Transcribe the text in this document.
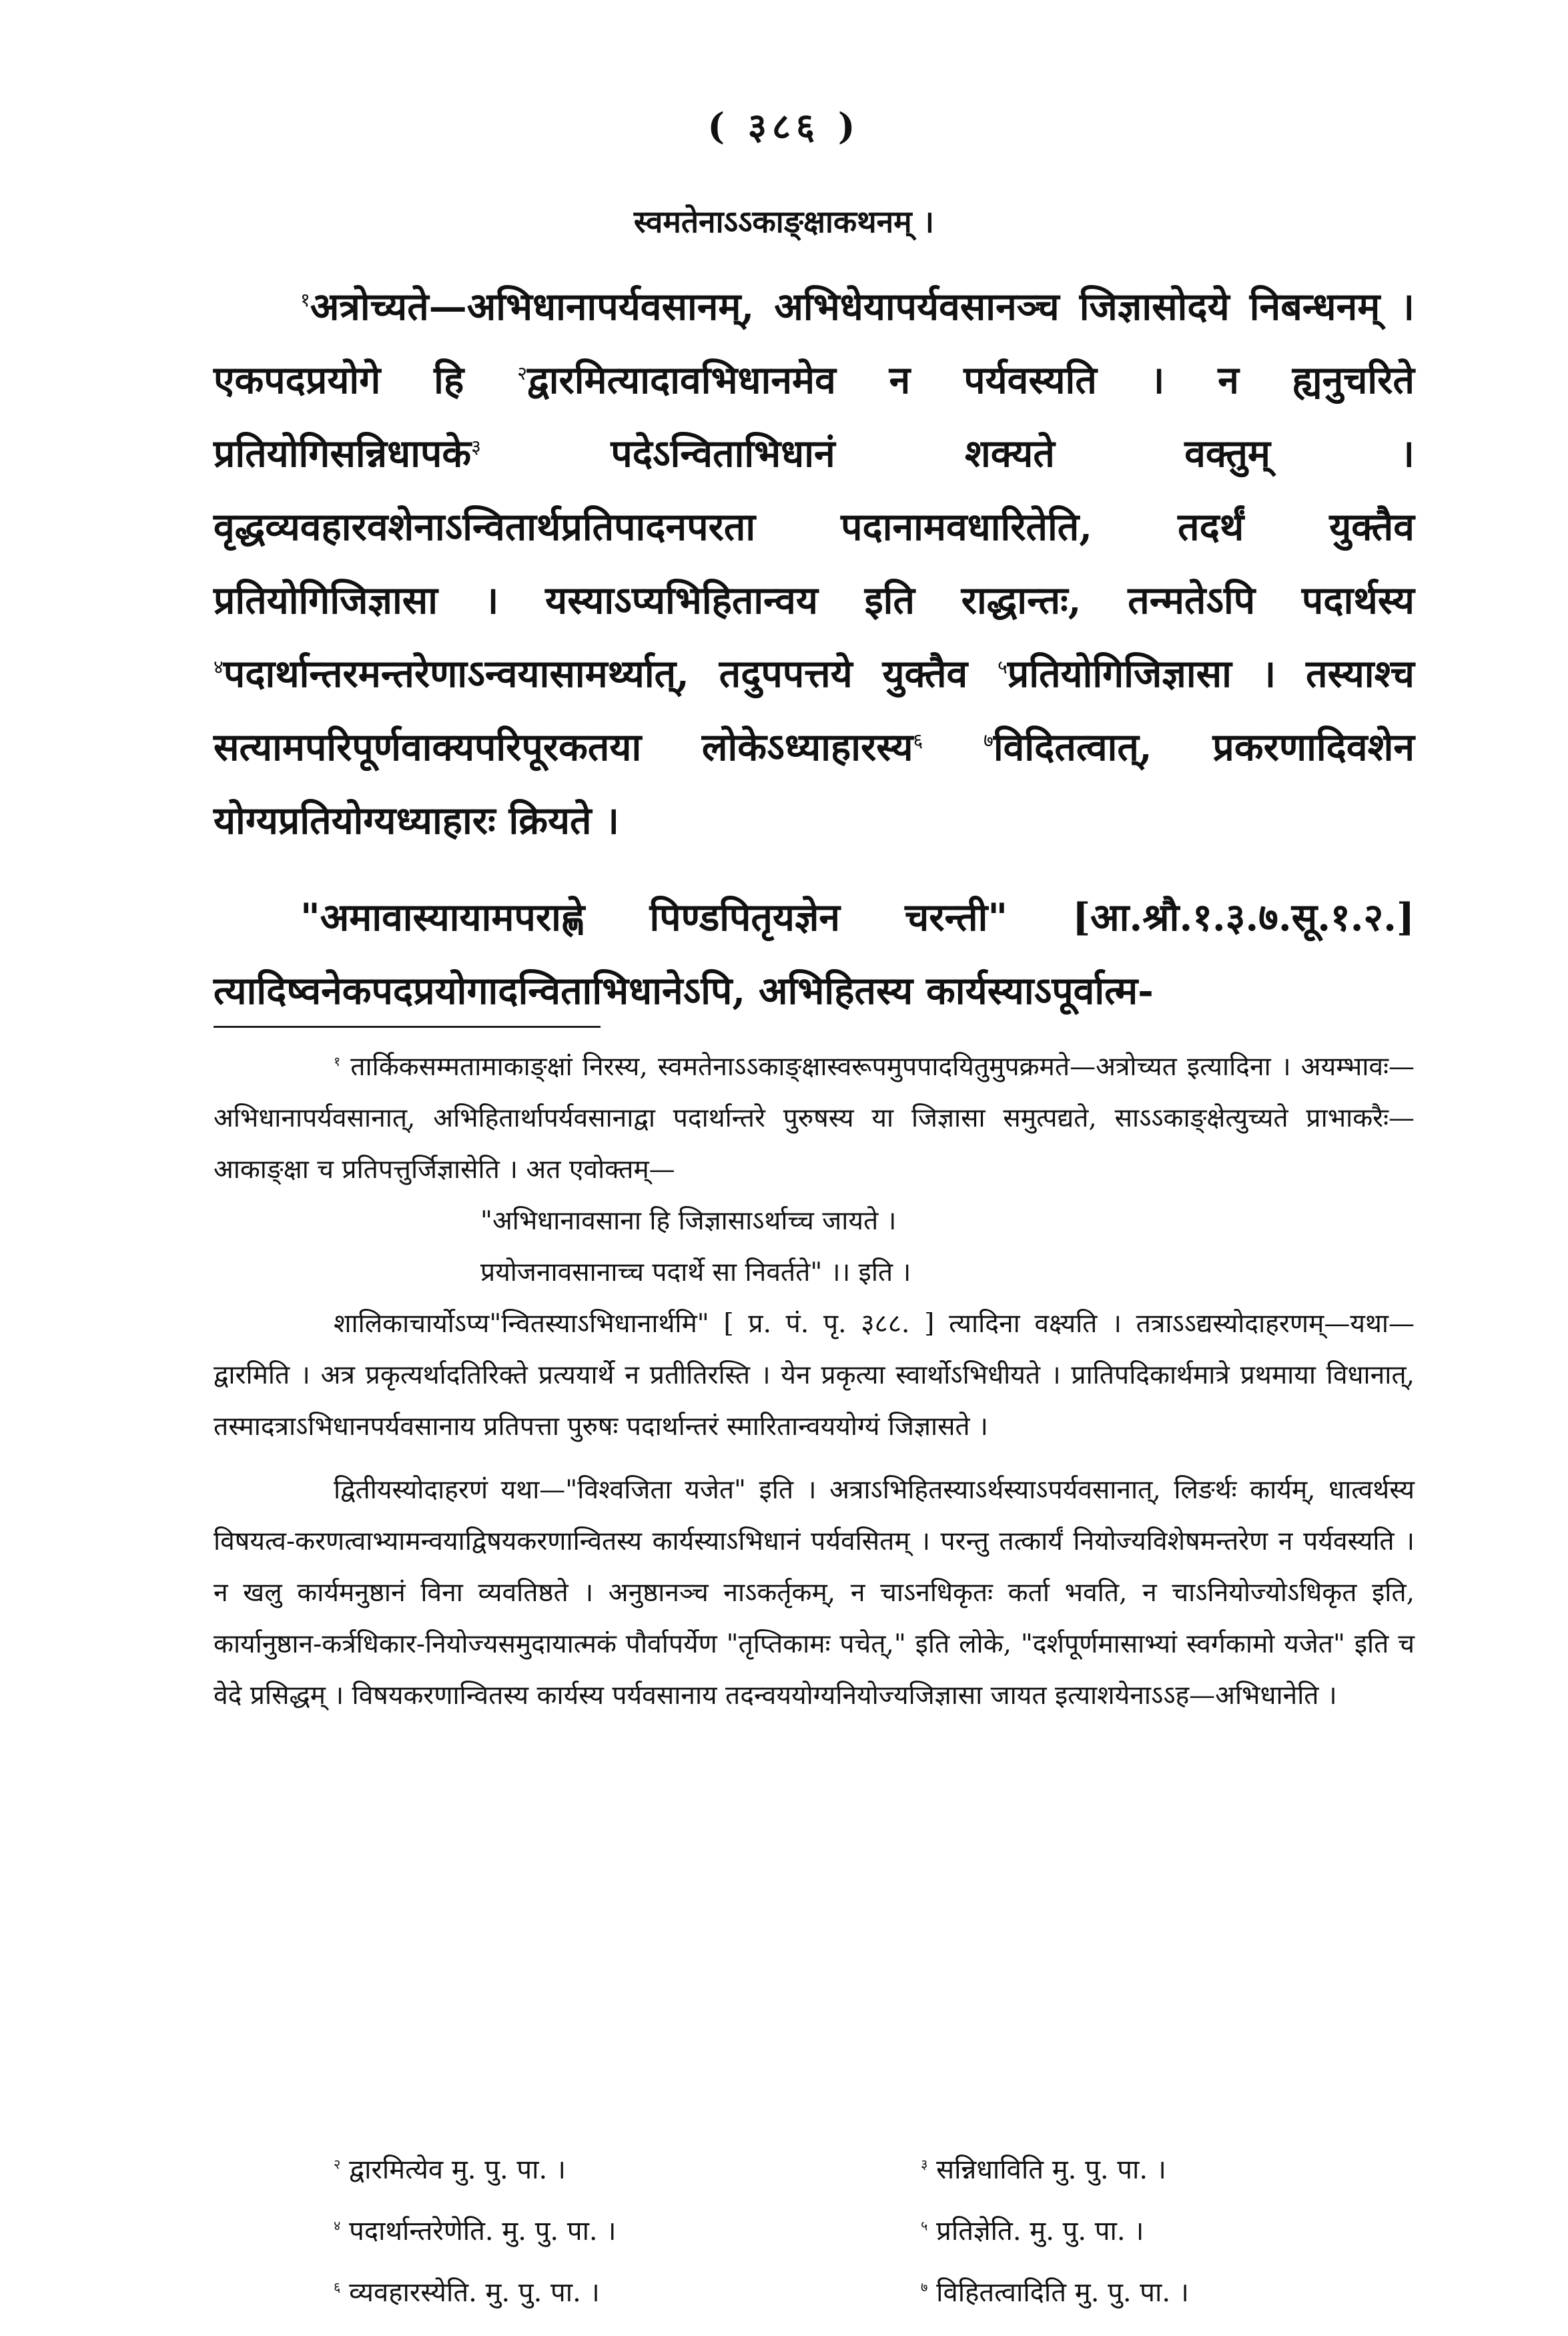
( ३८६ )
स्वमतेनाऽऽकाङ्क्षाकथनम् ।

$^१$अत्रोच्यते—अभिधानापर्यवसानम्, अभिधेयापर्यवसानञ्च जिज्ञासोदये निबन्धनम् । एकपदप्रयोगे हि $^२$द्वारमित्यादावभिधानमेव न पर्यवस्यति । न ह्यनुचरिते प्रतियोगिसन्निधापके$^३$ पदेऽन्विताभिधानं शक्यते वक्तुम् । वृद्धव्यवहारवशेनाऽन्वितार्थप्रतिपादनपरता पदानामवधारितेति, तदर्थं युक्तैव प्रतियोगिजिज्ञासा । यस्याऽप्यभिहितान्वय इति राद्धान्तः, तन्मतेऽपि पदार्थस्य $^४$पदार्थान्तरमन्तरेणाऽन्वयासामर्थ्यात्, तदुपपत्तये युक्तैव $^५$प्रतियोगिजिज्ञासा । तस्याश्च सत्यामपरिपूर्णवाक्यपरिपूरकतया लोकेऽध्याहारस्य$^६$	$^७$विदितत्वात्, प्रकरणादिवशेन योग्यप्रतियोग्यध्याहारः क्रियते ।

"अमावास्यायामपराह्णे पिण्डपितृयज्ञेन चरन्ती" [आ.श्रौ.१.३.७.सू.१.२.] त्यादिष्वनेकपदप्रयोगादन्विताभिधानेऽपि, अभिहितस्य कार्यस्याऽपूर्वात्म-

$^१$ तार्किकसम्मतामाकाङ्क्षां निरस्य, स्वमतेनाऽऽकाङ्क्षास्वरूपमुपपादयितुमुपक्रमते—अत्रोच्यत इत्यादिना । अयम्भावः—अभिधानापर्यवसानात्, अभिहितार्थापर्यवसानाद्वा पदार्थान्तरे पुरुषस्य या जिज्ञासा समुत्पद्यते, साऽऽकाङ्क्षेत्युच्यते प्राभाकरैः—आकाङ्क्षा च प्रतिपत्तुर्जिज्ञासेति । अत एवोक्तम्—

"अभिधानावसाना हि जिज्ञासाऽर्थाच्च जायते ।

प्रयोजनावसानाच्च पदार्थे सा निवर्तते" ।। इति ।

शालिकाचार्योऽप्य"न्वितस्याऽभिधानार्थमि" [ प्र. पं. पृ. ३८८. ] त्यादिना वक्ष्यति । तत्राऽऽद्यस्योदाहरणम्—यथा—द्वारमिति । अत्र प्रकृत्यर्थादतिरिक्ते प्रत्ययार्थे न प्रतीतिरस्ति । येन प्रकृत्या स्वार्थोऽभिधीयते । प्रातिपदिकार्थमात्रे प्रथमाया विधानात्, तस्मादत्राऽभिधानपर्यवसानाय प्रतिपत्ता पुरुषः पदार्थान्तरं स्मारितान्वययोग्यं जिज्ञासते ।

द्वितीयस्योदाहरणं यथा—"विश्वजिता यजेत" इति । अत्राऽभिहितस्याऽर्थस्याऽपर्यवसानात्, लिङर्थः कार्यम्, धात्वर्थस्य विषयत्व-करणत्वाभ्यामन्वयाद्विषयकरणान्वितस्य कार्यस्याऽभिधानं पर्यवसितम् । परन्तु तत्कार्यं नियोज्यविशेषमन्तरेण न पर्यवस्यति । न खलु कार्यमनुष्ठानं विना व्यवतिष्ठते । अनुष्ठानञ्च नाऽकर्तृकम्, न चाऽनधिकृतः कर्ता भवति, न चाऽनियोज्योऽधिकृत इति, कार्यानुष्ठान-कर्त्रधिकार-नियोज्यसमुदायात्मकं पौर्वापर्येण "तृप्तिकामः पचेत्," इति लोके, "दर्शपूर्णमासाभ्यां स्वर्गकामो यजेत" इति च वेदे प्रसिद्धम् । विषयकरणान्वितस्य कार्यस्य पर्यवसानाय तदन्वययोग्यनियोज्यजिज्ञासा जायत इत्याशयेनाऽऽह—अभिधानेति ।

$^२$ द्वारमित्येव मु. पु. पा. ।	$^३$ सन्निधाविति मु. पु. पा. ।
$^४$ पदार्थान्तरेणेति. मु. पु. पा. ।	$^५$ प्रतिज्ञेति. मु. पु. पा. ।
$^६$ व्यवहारस्येति. मु. पु. पा. ।	$^७$ विहितत्वादिति मु. पु. पा. ।
